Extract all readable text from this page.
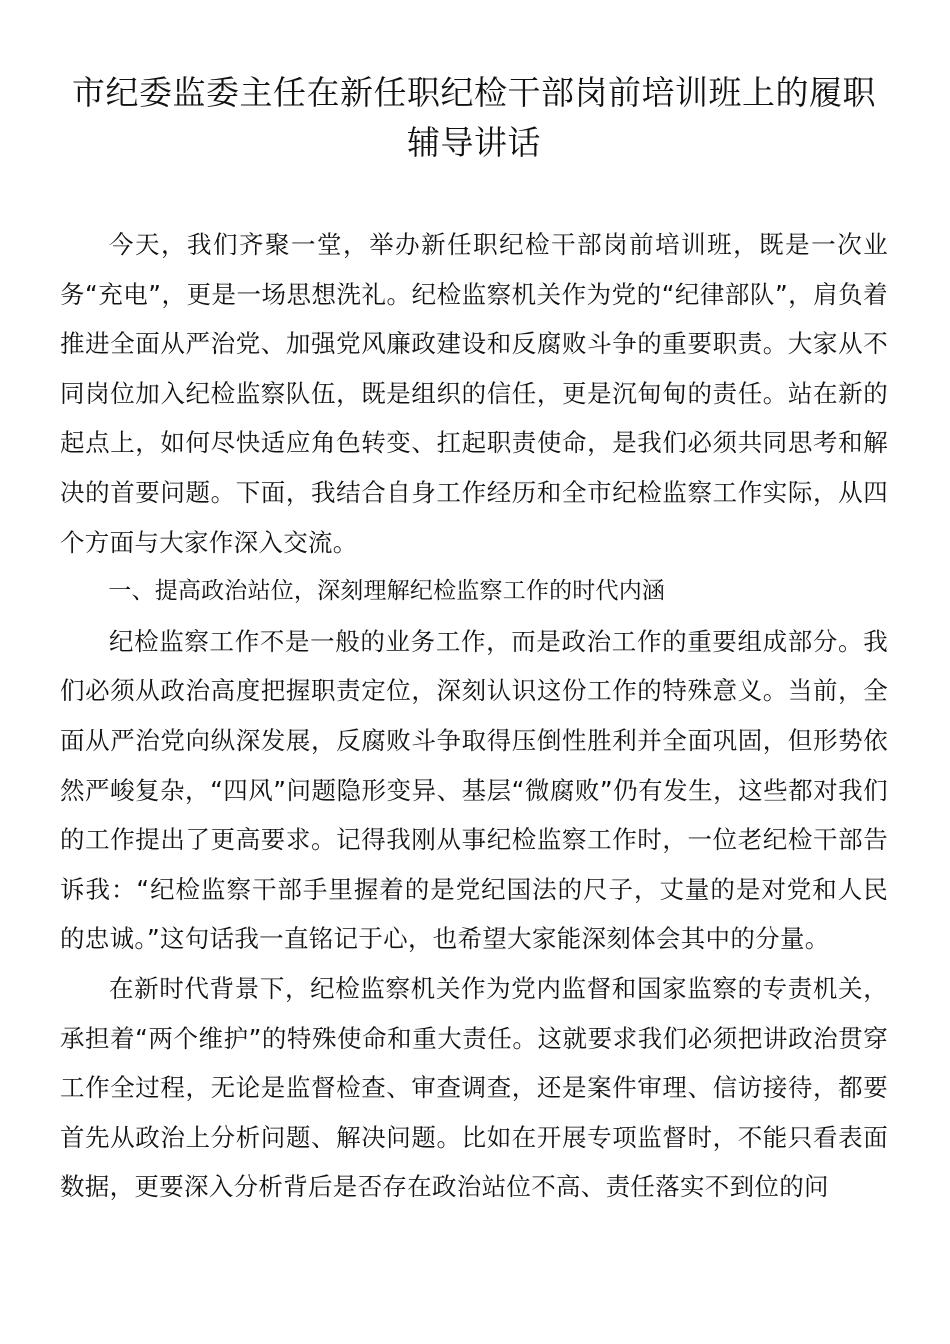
市纪委监委主任在新任职纪检干部岗前培训班上的履职辅导讲话

今天，我们齐聚一堂，举办新任职纪检干部岗前培训班，既是一次业务“充电”，更是一场思想洗礼。纪检监察机关作为党的“纪律部队”，肩负着推进全面从严治党、加强党风廉政建设和反腐败斗争的重要职责。大家从不同岗位加入纪检监察队伍，既是组织的信任，更是沉甸甸的责任。站在新的起点上，如何尽快适应角色转变、扛起职责使命，是我们必须共同思考和解决的首要问题。下面，我结合自身工作经历和全市纪检监察工作实际，从四个方面与大家作深入交流。

一、提高政治站位，深刻理解纪检监察工作的时代内涵

纪检监察工作不是一般的业务工作，而是政治工作的重要组成部分。我们必须从政治高度把握职责定位，深刻认识这份工作的特殊意义。当前，全面从严治党向纵深发展，反腐败斗争取得压倒性胜利并全面巩固，但形势依然严峻复杂，“四风”问题隐形变异、基层“微腐败”仍有发生，这些都对我们的工作提出了更高要求。记得我刚从事纪检监察工作时，一位老纪检干部告诉我：“纪检监察干部手里握着的是党纪国法的尺子，丈量的是对党和人民的忠诚。”这句话我一直铭记于心，也希望大家能深刻体会其中的分量。

在新时代背景下，纪检监察机关作为党内监督和国家监察的专责机关，承担着“两个维护”的特殊使命和重大责任。这就要求我们必须把讲政治贯穿工作全过程，无论是监督检查、审查调查，还是案件审理、信访接待，都要首先从政治上分析问题、解决问题。比如在开展专项监督时，不能只看表面数据，更要深入分析背后是否存在政治站位不高、责任落实不到位的问
